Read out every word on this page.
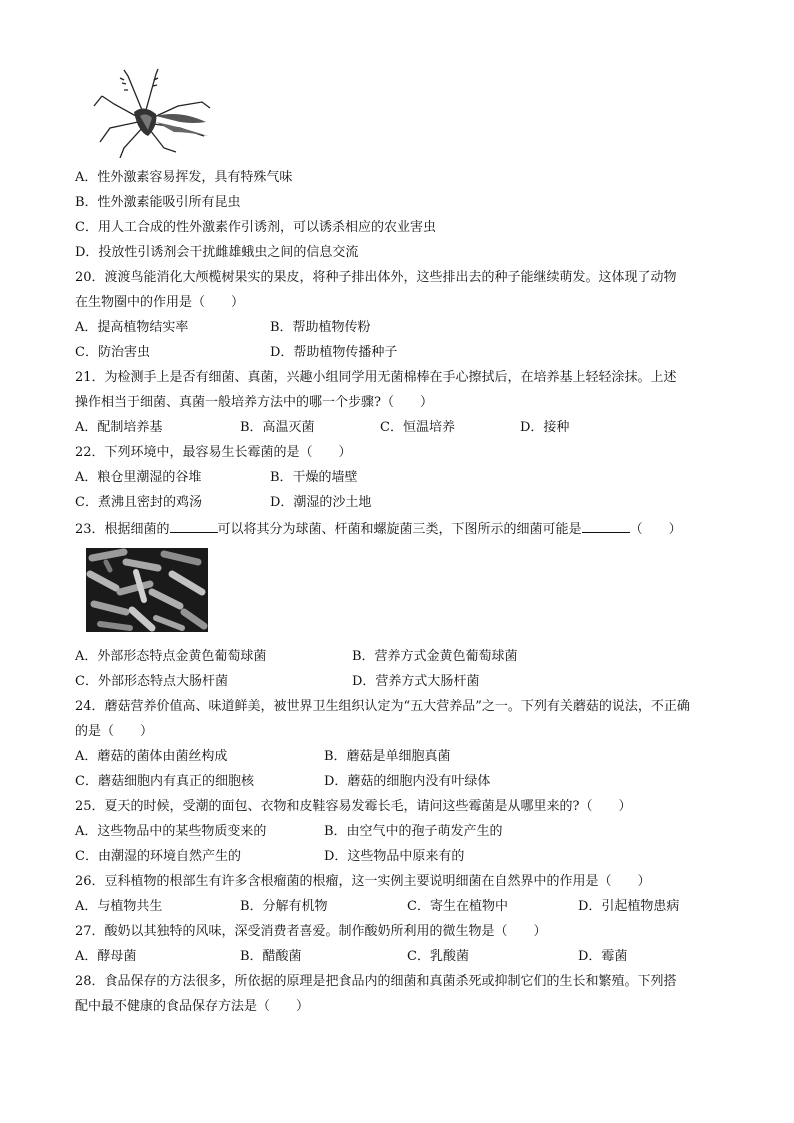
A．性外激素容易挥发，具有特殊气味
B．性外激素能吸引所有昆虫
C．用人工合成的性外激素作引诱剂，可以诱杀相应的农业害虫
D．投放性引诱剂会干扰雌雄蛾虫之间的信息交流
20．渡渡鸟能消化大颅榄树果实的果皮，将种子排出体外，这些排出去的种子能继续萌发。这体现了动物
在生物圈中的作用是（　　）
A．提高植物结实率	B．帮助植物传粉
C．防治害虫	D．帮助植物传播种子
21．为检测手上是否有细菌、真菌，兴趣小组同学用无菌棉棒在手心擦拭后，在培养基上轻轻涂抹。上述
操作相当于细菌、真菌一般培养方法中的哪一个步骤?（　　）
A．配制培养基	B．高温灭菌	C．恒温培养	D．接种
22．下列环境中，最容易生长霉菌的是（　　）
A．粮仓里潮湿的谷堆	B．干燥的墙壁
C．煮沸且密封的鸡汤	D．潮湿的沙土地
23．根据细菌的	可以将其分为球菌、杆菌和螺旋菌三类，下图所示的细菌可能是	（　　）
A．外部形态特点金黄色葡萄球菌	B．营养方式金黄色葡萄球菌
C．外部形态特点大肠杆菌	D．营养方式大肠杆菌
24．蘑菇营养价值高、味道鲜美，被世界卫生组织认定为“五大营养品”之一。下列有关蘑菇的说法，不正确
的是（　　）
A．蘑菇的菌体由菌丝构成	B．蘑菇是单细胞真菌
C．蘑菇细胞内有真正的细胞核	D．蘑菇的细胞内没有叶绿体
25．夏天的时候，受潮的面包、衣物和皮鞋容易发霉长毛，请问这些霉菌是从哪里来的?（　　）
A．这些物品中的某些物质变来的	B．由空气中的孢子萌发产生的
C．由潮湿的环境自然产生的	D．这些物品中原来有的
26．豆科植物的根部生有许多含根瘤菌的根瘤，这一实例主要说明细菌在自然界中的作用是（　　）
A．与植物共生	B．分解有机物	C．寄生在植物中	D．引起植物患病
27．酸奶以其独特的风味，深受消费者喜爱。制作酸奶所利用的微生物是（　　）
A．酵母菌	B．醋酸菌	C．乳酸菌	D．霉菌
28．食品保存的方法很多，所依据的原理是把食品内的细菌和真菌杀死或抑制它们的生长和繁殖。下列搭
配中最不健康的食品保存方法是（　　）
